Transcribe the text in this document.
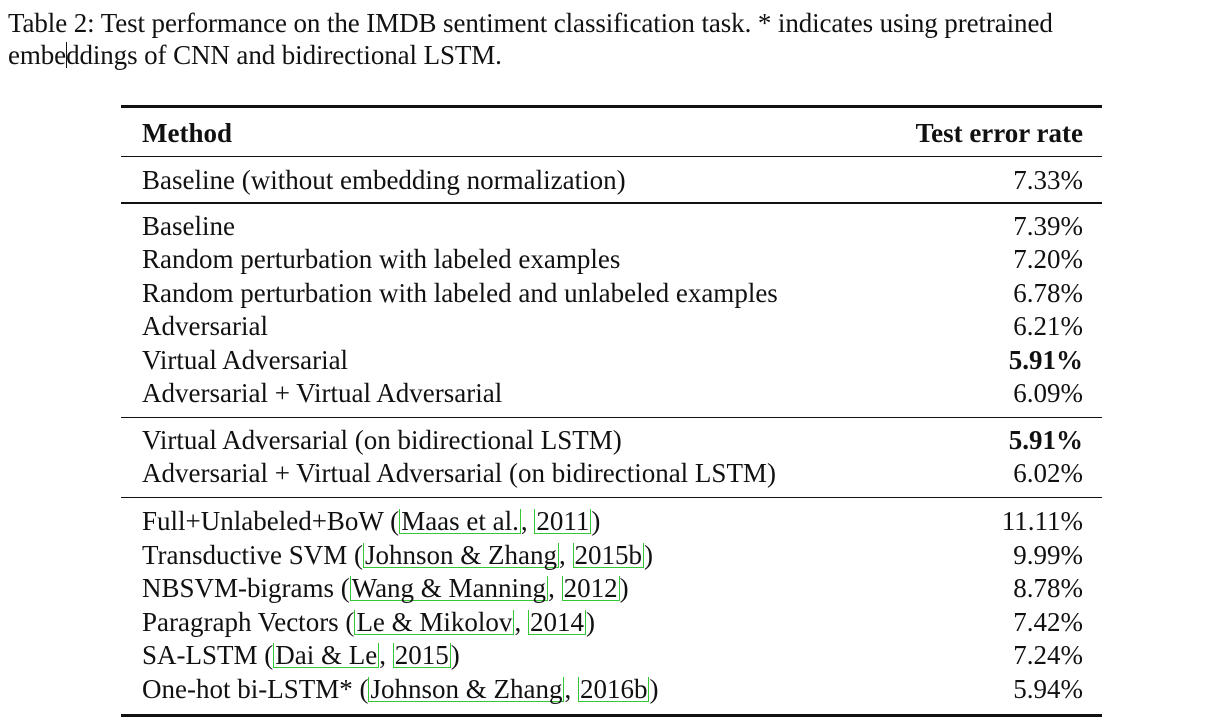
Table 2: Test performance on the IMDB sentiment classification task. * indicates using pretrained
embeddings of CNN and bidirectional LSTM.
Method	Test error rate
Baseline (without embedding normalization)	7.33%
Baseline	7.39%
Random perturbation with labeled examples	7.20%
Random perturbation with labeled and unlabeled examples	6.78%
Adversarial	6.21%
Virtual Adversarial	5.91%
Adversarial + Virtual Adversarial	6.09%
Virtual Adversarial (on bidirectional LSTM)	5.91%
Adversarial + Virtual Adversarial (on bidirectional LSTM)	6.02%
Full+Unlabeled+BoW (Maas et al., 2011)	11.11%
Transductive SVM (Johnson & Zhang, 2015b)	9.99%
NBSVM-bigrams (Wang & Manning, 2012)	8.78%
Paragraph Vectors (Le & Mikolov, 2014)	7.42%
SA-LSTM (Dai & Le, 2015)	7.24%
One-hot bi-LSTM* (Johnson & Zhang, 2016b)	5.94%
